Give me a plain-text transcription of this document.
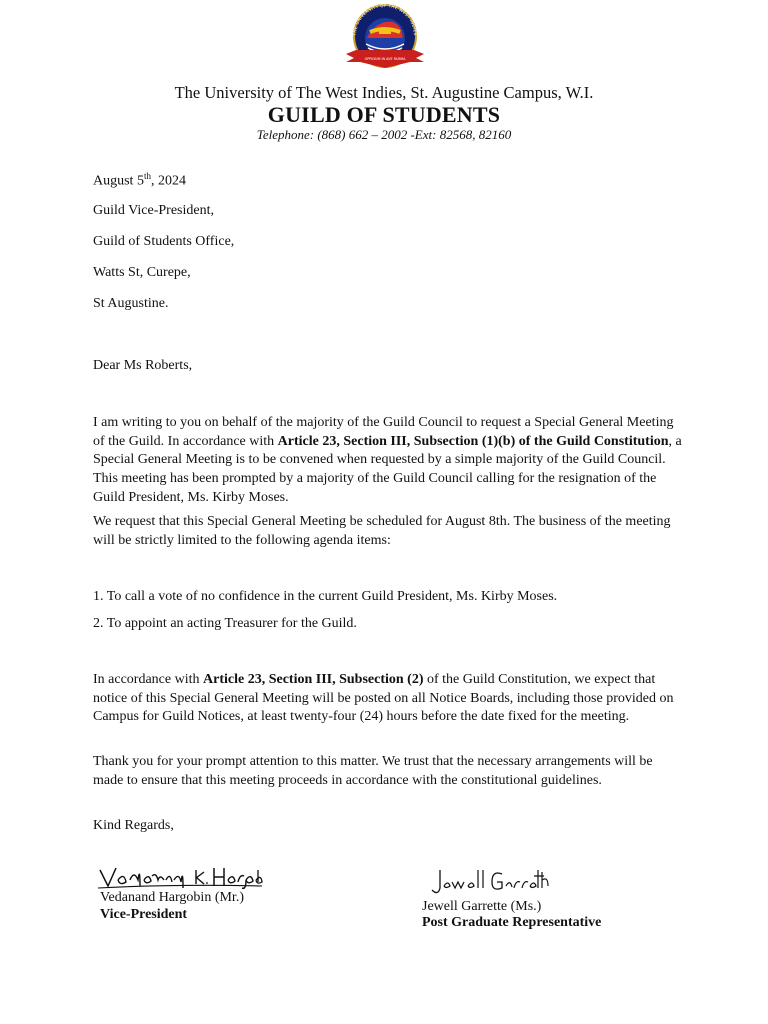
THE UNIVERSITY OF THE WEST INDIES
OPPIDUM IN AVE RUBRA
The University of The West Indies, St. Augustine Campus, W.I.
GUILD OF STUDENTS
Telephone: (868) 662 – 2002 -Ext: 82568, 82160
August 5th, 2024
Guild Vice-President,
Guild of Students Office,
Watts St, Curepe,
St Augustine.
Dear Ms Roberts,
I am writing to you on behalf of the majority of the Guild Council to request a Special General Meeting of the Guild. In accordance with Article 23, Section III, Subsection (1)(b) of the Guild Constitution, a Special General Meeting is to be convened when requested by a simple majority of the Guild Council. This meeting has been prompted by a majority of the Guild Council calling for the resignation of the Guild President, Ms. Kirby Moses.
We request that this Special General Meeting be scheduled for August 8th. The business of the meeting will be strictly limited to the following agenda items:
1. To call a vote of no confidence in the current Guild President, Ms. Kirby Moses.
2. To appoint an acting Treasurer for the Guild.
In accordance with Article 23, Section III, Subsection (2) of the Guild Constitution, we expect that notice of this Special General Meeting will be posted on all Notice Boards, including those provided on Campus for Guild Notices, at least twenty-four (24) hours before the date fixed for the meeting.
Thank you for your prompt attention to this matter. We trust that the necessary arrangements will be made to ensure that this meeting proceeds in accordance with the constitutional guidelines.
Kind Regards,
Vedanand Hargobin (Mr.)
Vice-President
Jewell Garrette (Ms.)
Post Graduate Representative
